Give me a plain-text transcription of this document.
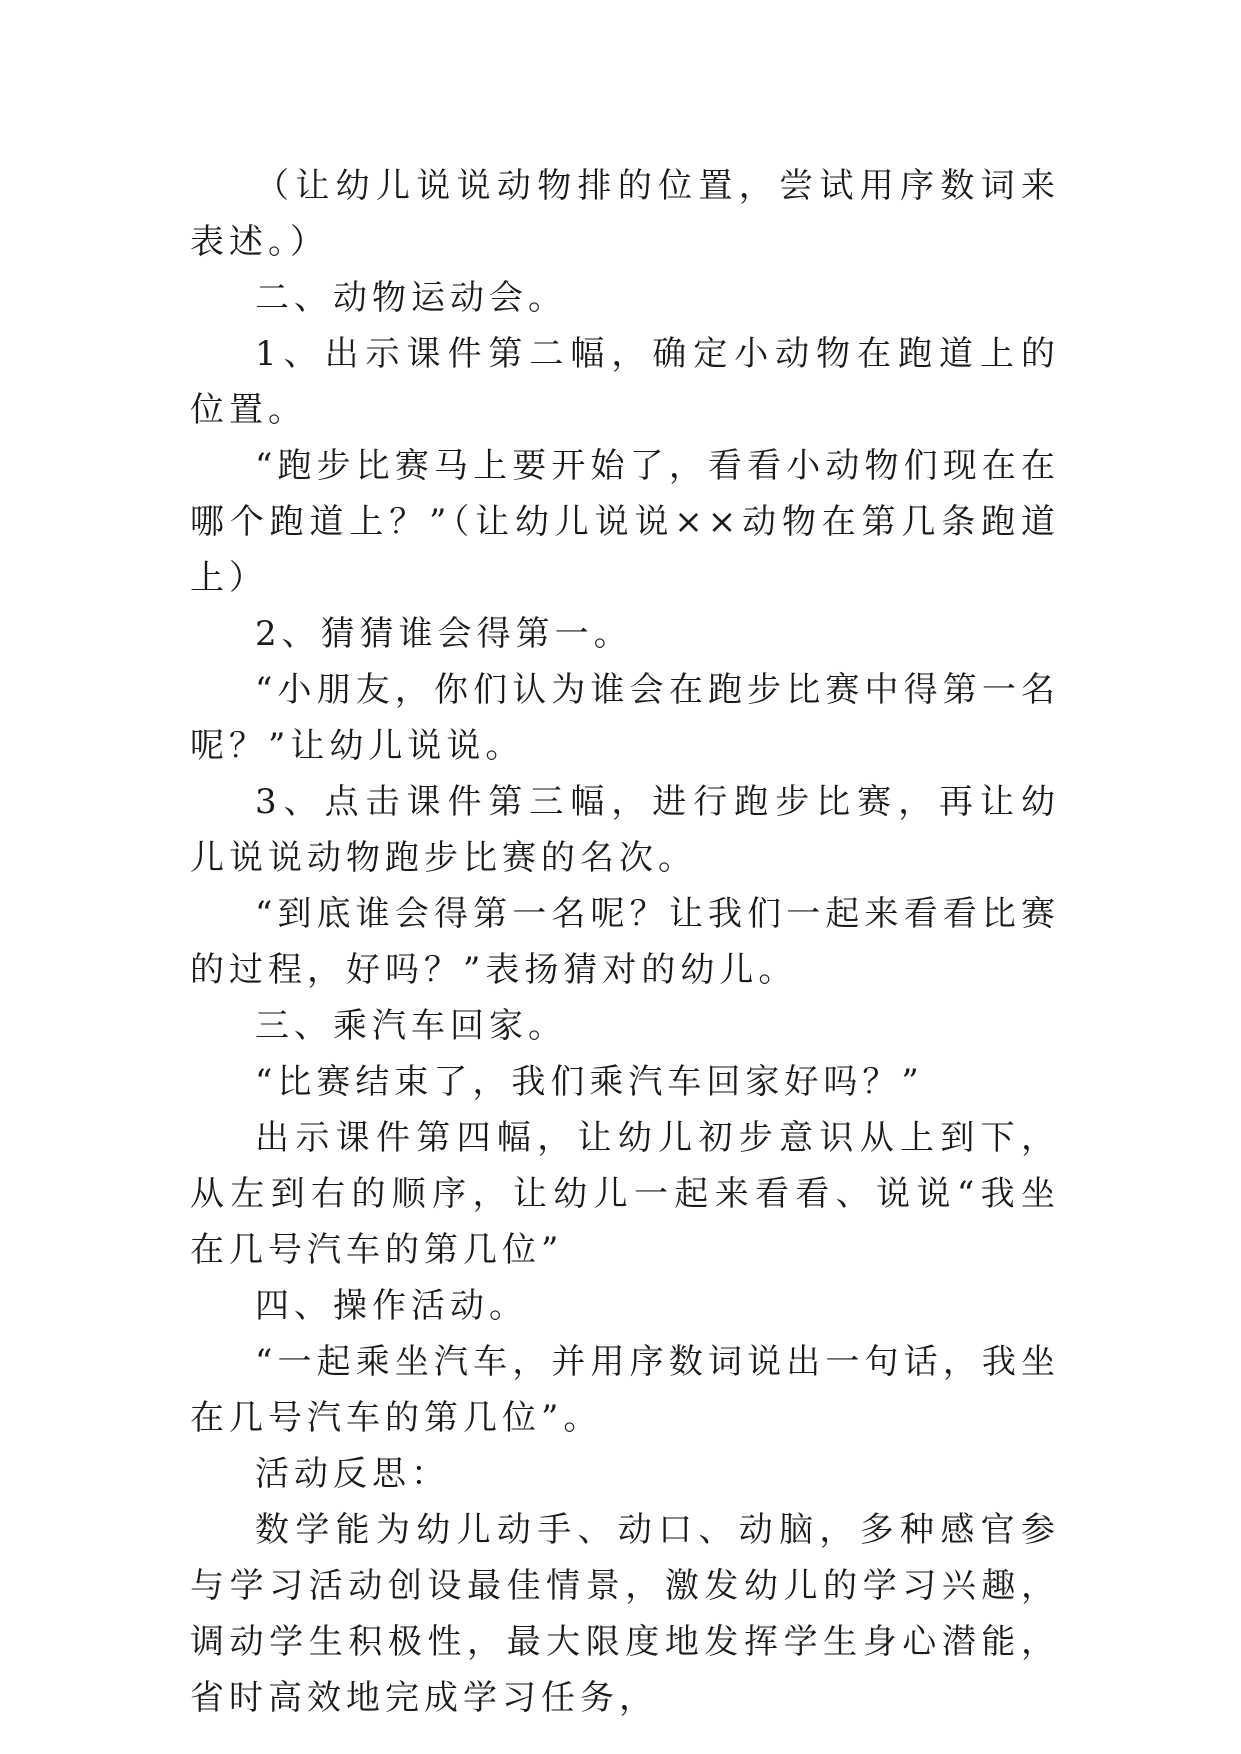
（让幼儿说说动物排的位置，尝试用序数词来表述。）

二、动物运动会。

1、出示课件第二幅，确定小动物在跑道上的位置。

“跑步比赛马上要开始了，看看小动物们现在在哪个跑道上？”（让幼儿说说××动物在第几条跑道上）

2、猜猜谁会得第一。

“小朋友，你们认为谁会在跑步比赛中得第一名呢？”让幼儿说说。

3、点击课件第三幅，进行跑步比赛，再让幼儿说说动物跑步比赛的名次。

“到底谁会得第一名呢？让我们一起来看看比赛的过程，好吗？”表扬猜对的幼儿。

三、乘汽车回家。

“比赛结束了，我们乘汽车回家好吗？”

出示课件第四幅，让幼儿初步意识从上到下，从左到右的顺序，让幼儿一起来看看、说说“我坐在几号汽车的第几位”

四、操作活动。

“一起乘坐汽车，并用序数词说出一句话，我坐在几号汽车的第几位”。

活动反思：

数学能为幼儿动手、动口、动脑，多种感官参与学习活动创设最佳情景，激发幼儿的学习兴趣，调动学生积极性，最大限度地发挥学生身心潜能，省时高效地完成学习任务，
